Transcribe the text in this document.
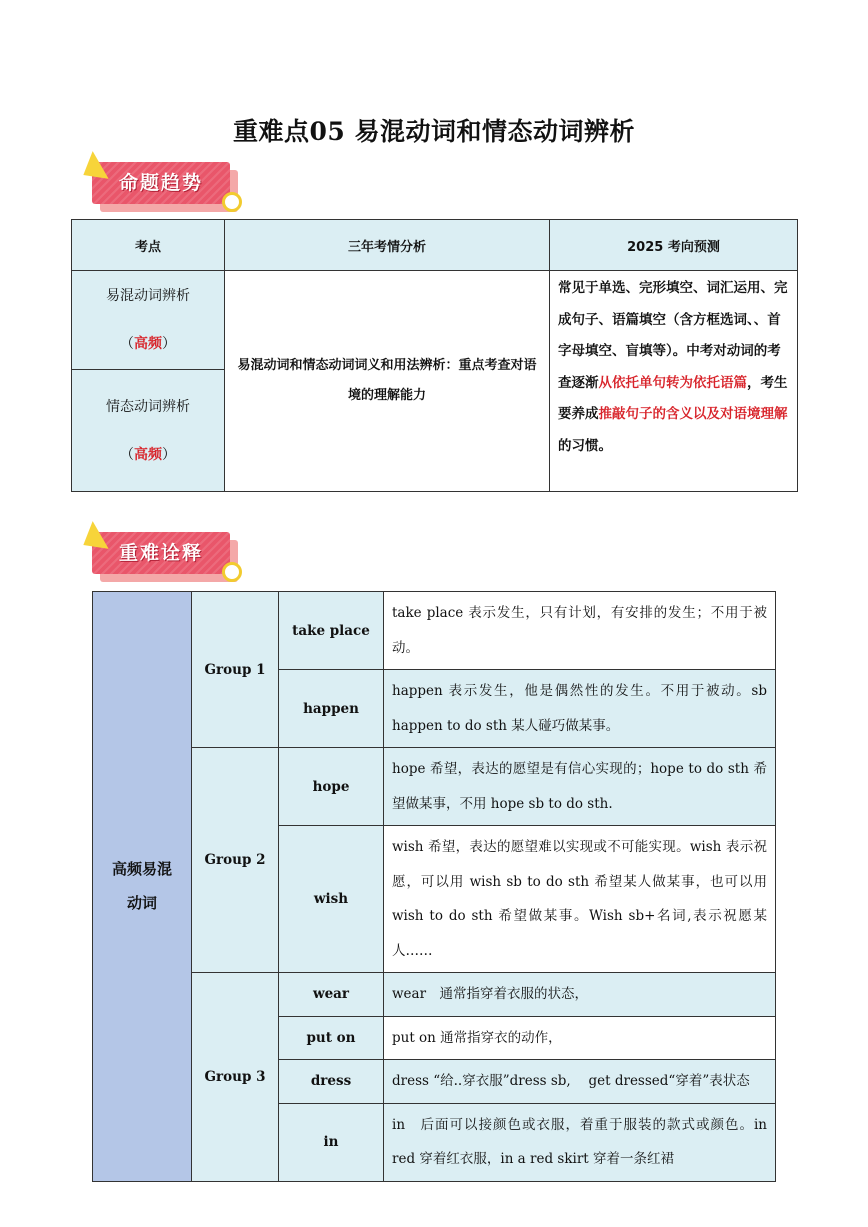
重难点05 易混动词和情态动词辨析
命题趋势
考点	三年考情分析	2025 考向预测

易混动词辨析
（高频）	易混动词和情态动词词义和用法辨析：重点考查对语境的理解能力	常见于单选、完形填空、词汇运用、完成句子、语篇填空（含方框选词、、首字母填空、盲填等）。中考对动词的考查逐渐从依托单句转为依托语篇，考生要养成推敲句子的含义以及对语境理解的习惯。

情态动词辨析
（高频）		
重难诠释
高频易混动词	Group 1	take place	take place 表示发生，只有计划，有安排的发生；不用于被动。
		happen	happen 表示发生，他是偶然性的发生。不用于被动。sb happen to do sth 某人碰巧做某事。
	Group 2	hope	hope 希望，表达的愿望是有信心实现的；hope to do sth 希望做某事，不用 hope sb to do sth.
		wish	wish 希望，表达的愿望难以实现或不可能实现。wish 表示祝愿，可以用 wish sb to do sth 希望某人做某事，也可以用 wish to do sth 希望做某事。Wish sb+名词,表示祝愿某人……
	Group 3	wear	wear　通常指穿着衣服的状态，
		put on	put on 通常指穿衣的动作，
		dress	dress “给..穿衣服”dress sb,　 get dressed“穿着”表状态
		in	in　后面可以接颜色或衣服，着重于服装的款式或颜色。in red 穿着红衣服，in a red skirt 穿着一条红裙
